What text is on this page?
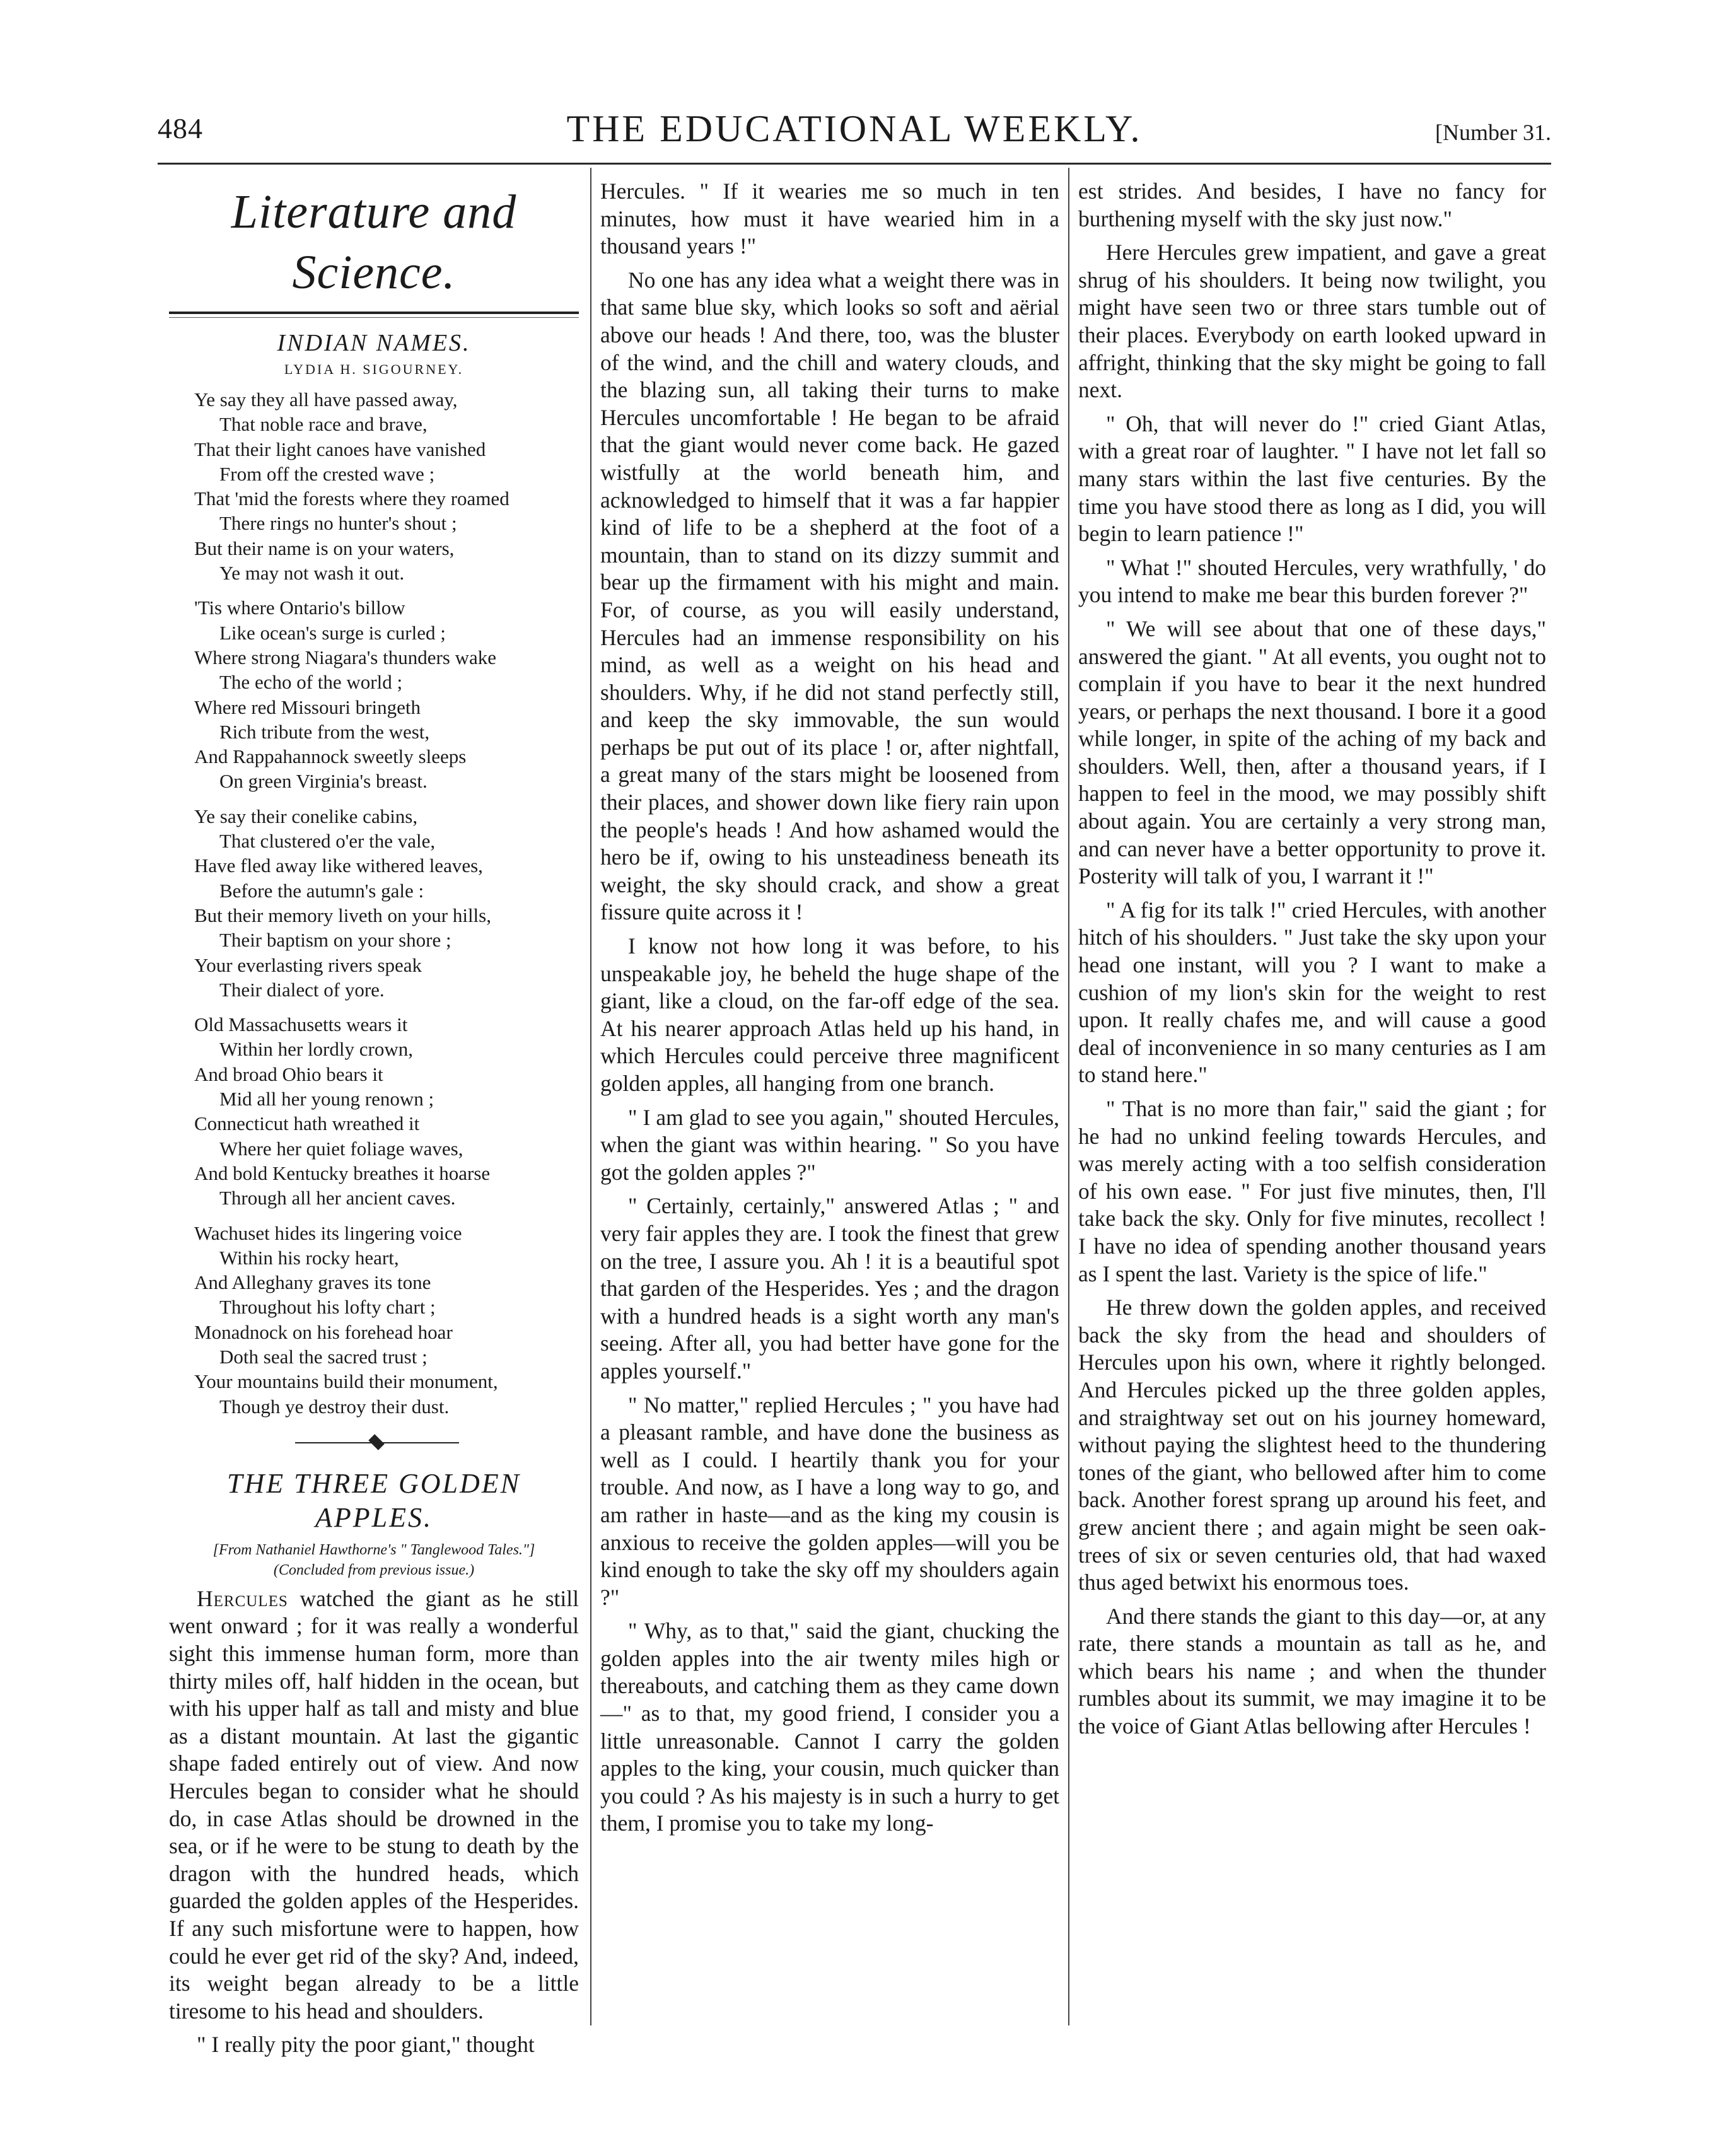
484	THE EDUCATIONAL WEEKLY.	[Number 31.
Literature and Science.
INDIAN NAMES.
LYDIA H. SIGOURNEY.
Ye say they all have passed away,
That noble race and brave,
That their light canoes have vanished
From off the crested wave ;
That 'mid the forests where they roamed
There rings no hunter's shout ;
But their name is on your waters,
Ye may not wash it out.
'Tis where Ontario's billow
Like ocean's surge is curled ;
Where strong Niagara's thunders wake
The echo of the world ;
Where red Missouri bringeth
Rich tribute from the west,
And Rappahannock sweetly sleeps
On green Virginia's breast.
Ye say their conelike cabins,
That clustered o'er the vale,
Have fled away like withered leaves,
Before the autumn's gale :
But their memory liveth on your hills,
Their baptism on your shore ;
Your everlasting rivers speak
Their dialect of yore.
Old Massachusetts wears it
Within her lordly crown,
And broad Ohio bears it
Mid all her young renown ;
Connecticut hath wreathed it
Where her quiet foliage waves,
And bold Kentucky breathes it hoarse
Through all her ancient caves.
Wachuset hides its lingering voice
Within his rocky heart,
And Alleghany graves its tone
Throughout his lofty chart ;
Monadnock on his forehead hoar
Doth seal the sacred trust ;
Your mountains build their monument,
Though ye destroy their dust.
THE THREE GOLDEN APPLES.
[From Nathaniel Hawthorne's " Tanglewood Tales."]
(Concluded from previous issue.)

Hercules watched the giant as he still went onward ; for it was really a wonderful sight this immense human form, more than thirty miles off, half hidden in the ocean, but with his upper half as tall and misty and blue as a distant mountain. At last the gigantic shape faded entirely out of view. And now Hercules began to consider what he should do, in case Atlas should be drowned in the sea, or if he were to be stung to death by the dragon with the hundred heads, which guarded the golden apples of the Hesperides. If any such misfortune were to happen, how could he ever get rid of the sky? And, indeed, its weight began already to be a little tiresome to his head and shoulders.

" I really pity the poor giant," thought

Hercules. " If it wearies me so much in ten minutes, how must it have wearied him in a thousand years !"

No one has any idea what a weight there was in that same blue sky, which looks so soft and aërial above our heads ! And there, too, was the bluster of the wind, and the chill and watery clouds, and the blazing sun, all taking their turns to make Hercules uncomfortable ! He began to be afraid that the giant would never come back. He gazed wistfully at the world beneath him, and acknowledged to himself that it was a far happier kind of life to be a shepherd at the foot of a mountain, than to stand on its dizzy summit and bear up the firmament with his might and main. For, of course, as you will easily understand, Hercules had an immense responsibility on his mind, as well as a weight on his head and shoulders. Why, if he did not stand perfectly still, and keep the sky immovable, the sun would perhaps be put out of its place ! or, after nightfall, a great many of the stars might be loosened from their places, and shower down like fiery rain upon the people's heads ! And how ashamed would the hero be if, owing to his unsteadiness beneath its weight, the sky should crack, and show a great fissure quite across it !

I know not how long it was before, to his unspeakable joy, he beheld the huge shape of the giant, like a cloud, on the far-off edge of the sea. At his nearer approach Atlas held up his hand, in which Hercules could perceive three magnificent golden apples, all hanging from one branch.

" I am glad to see you again," shouted Hercules, when the giant was within hearing. " So you have got the golden apples ?"

" Certainly, certainly," answered Atlas ; " and very fair apples they are. I took the finest that grew on the tree, I assure you. Ah ! it is a beautiful spot that garden of the Hesperides. Yes ; and the dragon with a hundred heads is a sight worth any man's seeing. After all, you had better have gone for the apples yourself."

" No matter," replied Hercules ; " you have had a pleasant ramble, and have done the business as well as I could. I heartily thank you for your trouble. And now, as I have a long way to go, and am rather in haste—and as the king my cousin is anxious to receive the golden apples—will you be kind enough to take the sky off my shoulders again ?"

" Why, as to that," said the giant, chucking the golden apples into the air twenty miles high or thereabouts, and catching them as they came down—" as to that, my good friend, I consider you a little unreasonable. Cannot I carry the golden apples to the king, your cousin, much quicker than you could ? As his majesty is in such a hurry to get them, I promise you to take my long-

est strides. And besides, I have no fancy for burthening myself with the sky just now."

Here Hercules grew impatient, and gave a great shrug of his shoulders. It being now twilight, you might have seen two or three stars tumble out of their places. Everybody on earth looked upward in affright, thinking that the sky might be going to fall next.

" Oh, that will never do !" cried Giant Atlas, with a great roar of laughter. " I have not let fall so many stars within the last five centuries. By the time you have stood there as long as I did, you will begin to learn patience !"

" What !" shouted Hercules, very wrathfully, ' do you intend to make me bear this burden forever ?"

" We will see about that one of these days," answered the giant. " At all events, you ought not to complain if you have to bear it the next hundred years, or perhaps the next thousand. I bore it a good while longer, in spite of the aching of my back and shoulders. Well, then, after a thousand years, if I happen to feel in the mood, we may possibly shift about again. You are certainly a very strong man, and can never have a better opportunity to prove it. Posterity will talk of you, I warrant it !"

" A fig for its talk !" cried Hercules, with another hitch of his shoulders. " Just take the sky upon your head one instant, will you ? I want to make a cushion of my lion's skin for the weight to rest upon. It really chafes me, and will cause a good deal of inconvenience in so many centuries as I am to stand here."

" That is no more than fair," said the giant ; for he had no unkind feeling towards Hercules, and was merely acting with a too selfish consideration of his own ease. " For just five minutes, then, I'll take back the sky. Only for five minutes, recollect ! I have no idea of spending another thousand years as I spent the last. Variety is the spice of life."

He threw down the golden apples, and received back the sky from the head and shoulders of Hercules upon his own, where it rightly belonged. And Hercules picked up the three golden apples, and straightway set out on his journey homeward, without paying the slightest heed to the thundering tones of the giant, who bellowed after him to come back. Another forest sprang up around his feet, and grew ancient there ; and again might be seen oak-trees of six or seven centuries old, that had waxed thus aged betwixt his enormous toes.

And there stands the giant to this day—or, at any rate, there stands a mountain as tall as he, and which bears his name ; and when the thunder rumbles about its summit, we may imagine it to be the voice of Giant Atlas bellowing after Hercules !
